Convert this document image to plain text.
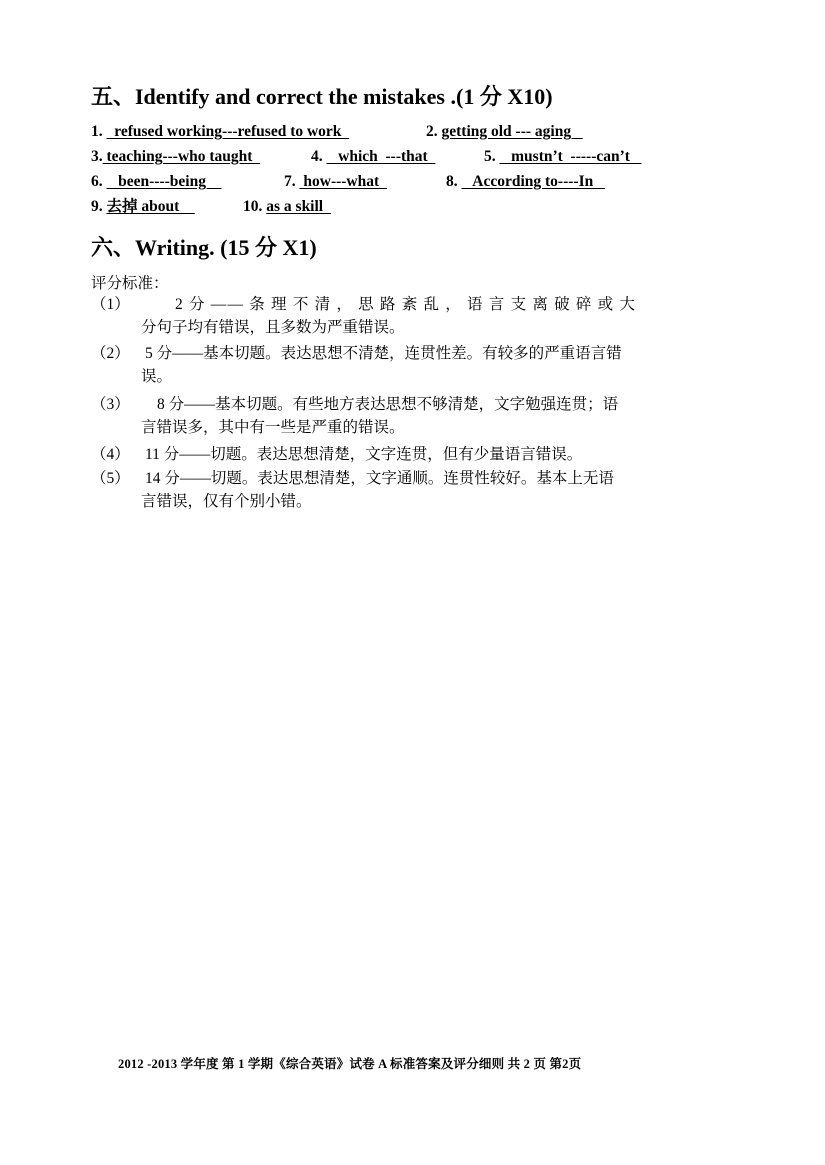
五、Identify and correct the mistakes .(1 分 X10)
1.   refused working---refused to work	2. getting old --- aging
3. teaching---who taught	4.    which  ---that	5.    mustn’t  -----can’t
6.    been----being	7.  how---what	8.    According to----In
9. 去掉 about	10. as a skill
六、Writing. (15 分 X1)
评分标准：
（1）	2 分 —— 条 理 不 清 ， 思 路 紊 乱 ， 语 言 支 离 破 碎 或 大
分句子均有错误，且多数为严重错误。
（2） 5 分——基本切题。表达思想不清楚，连贯性差。有较多的严重语言错
误。
（3） 8 分——基本切题。有些地方表达思想不够清楚，文字勉强连贯；语
言错误多，其中有一些是严重的错误。
（4） 11 分——切题。表达思想清楚，文字连贯，但有少量语言错误。
（5） 14 分——切题。表达思想清楚，文字通顺。连贯性较好。基本上无语
言错误，仅有个别小错。
2012 -2013 学年度 第 1 学期《综合英语》试卷 A 标准答案及评分细则 共 2 页 第2页
